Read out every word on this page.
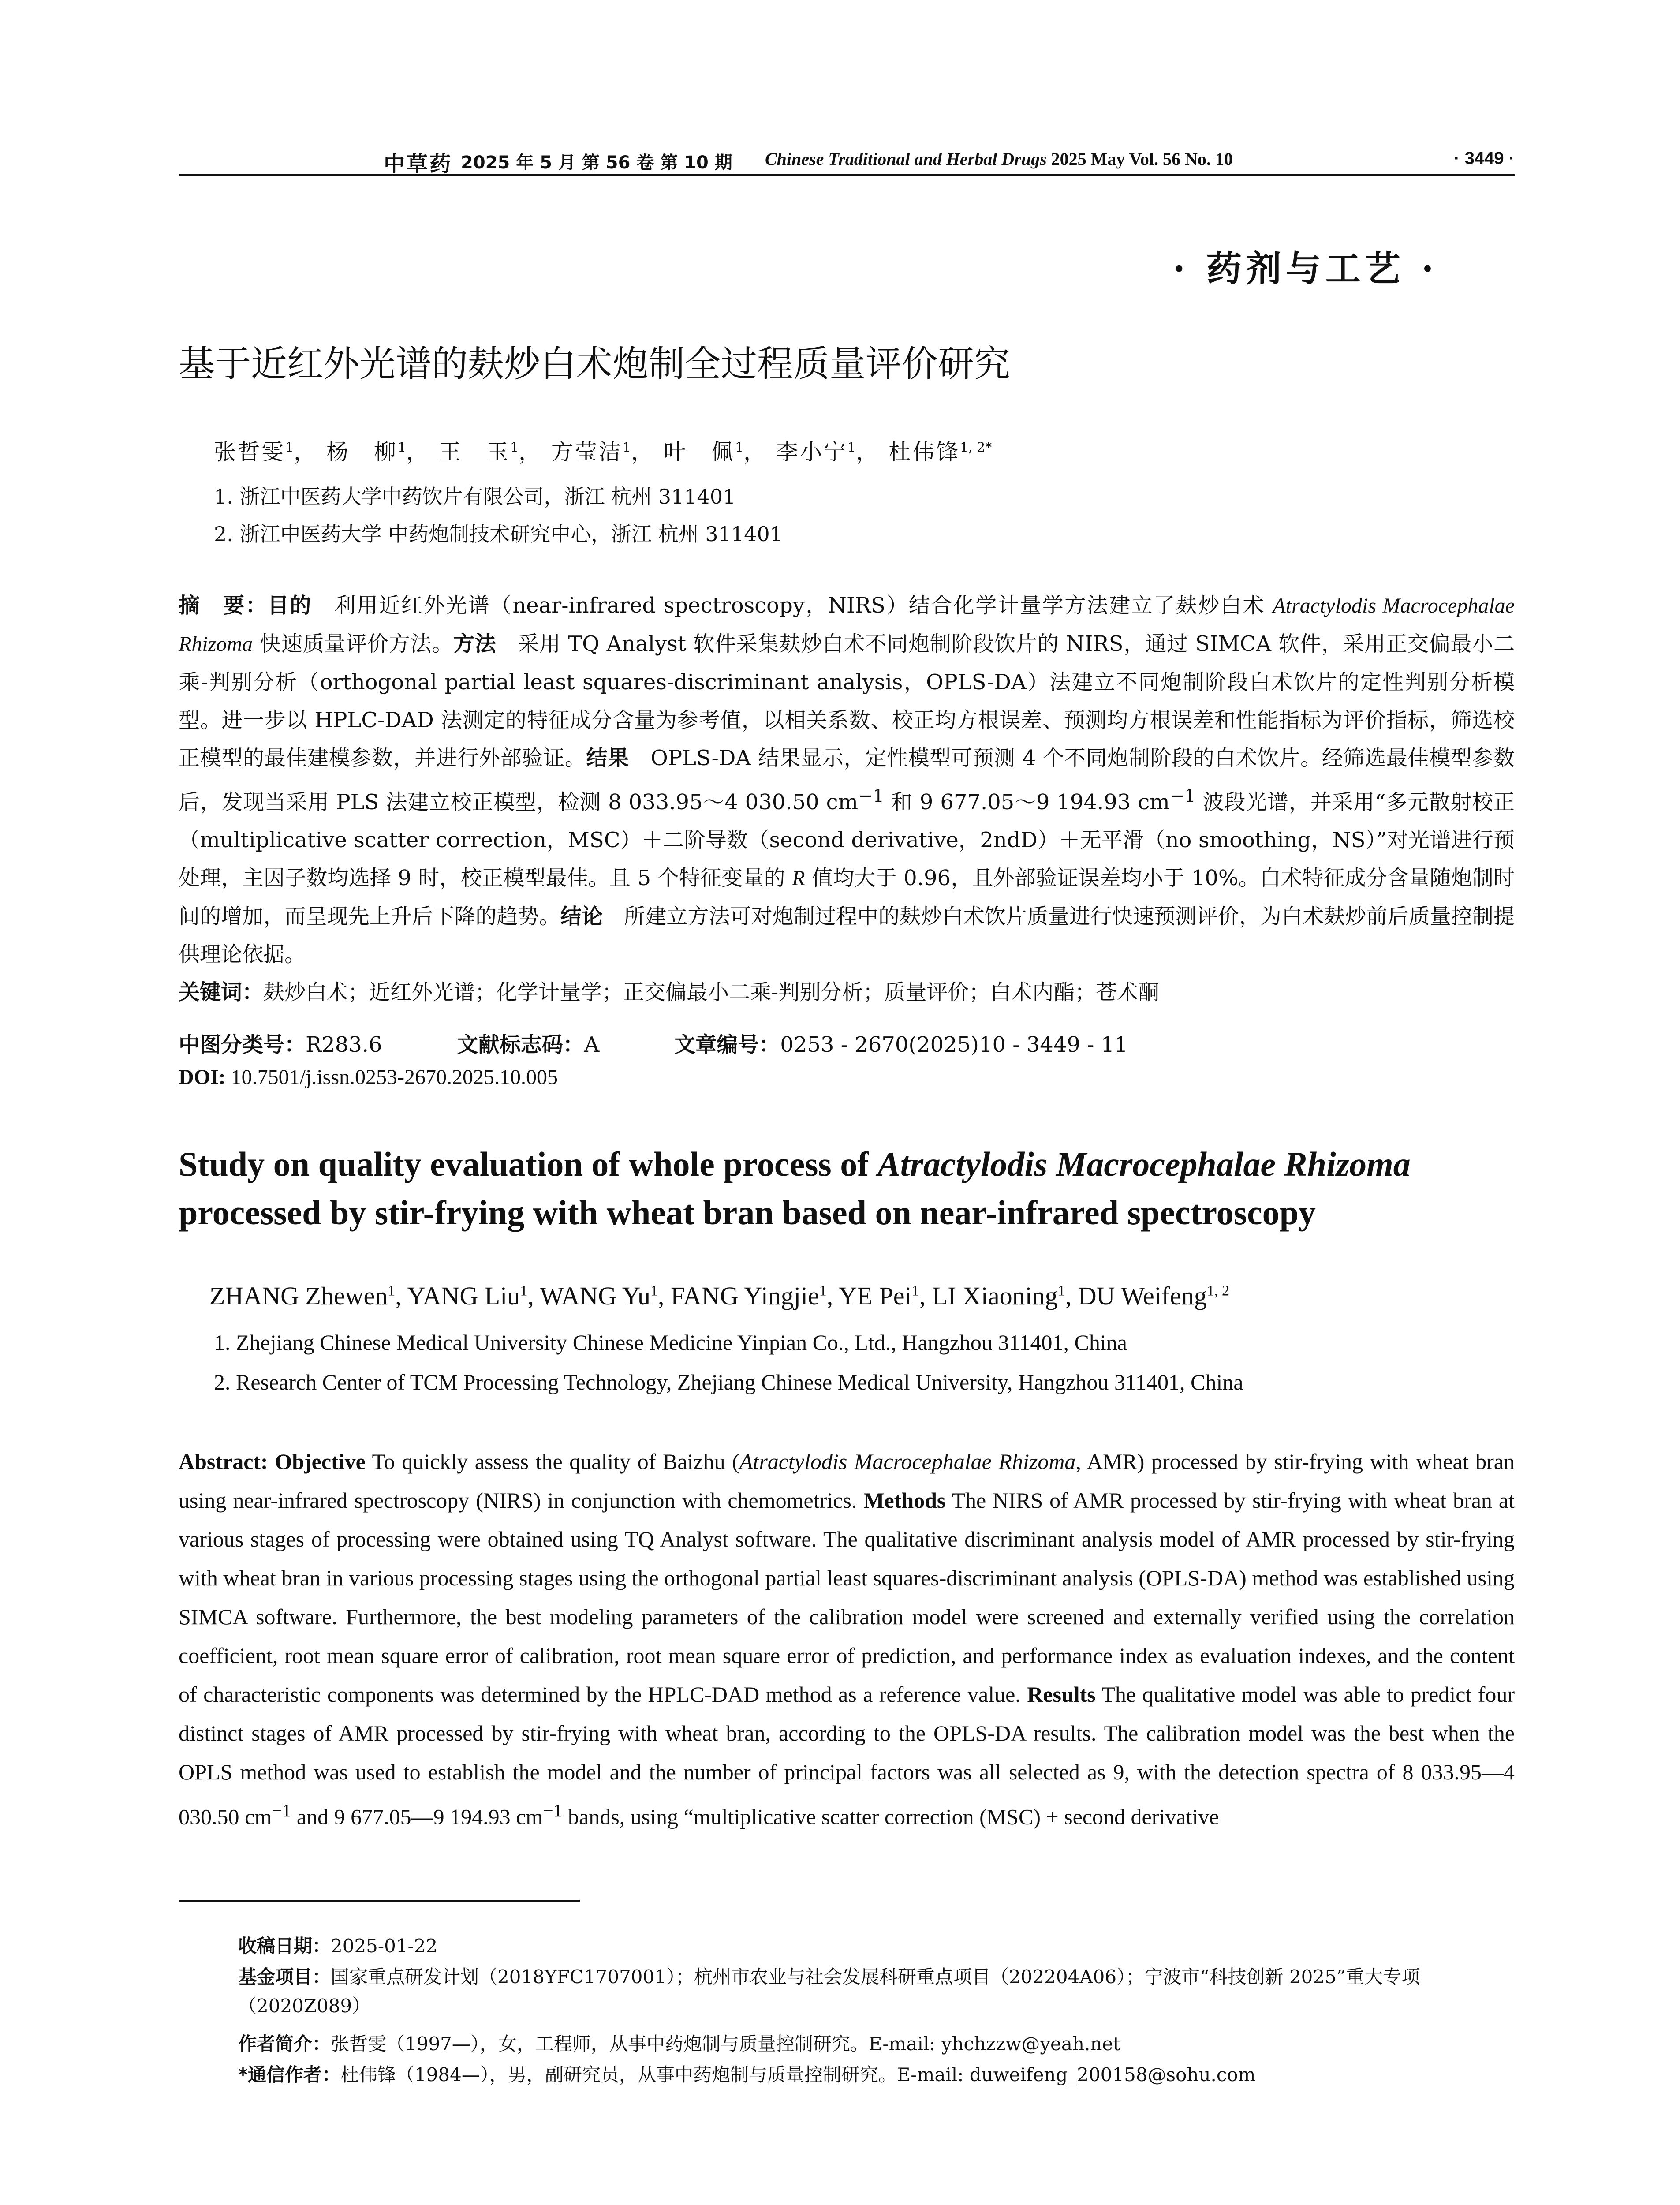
中草药 2025 年 5 月 第 56 卷 第 10 期 Chinese Traditional and Herbal Drugs 2025 May Vol. 56 No. 10	· 3449 ·
· 药剂与工艺 ·
基于近红外光谱的麸炒白术炮制全过程质量评价研究
张哲雯$^1$， 杨　柳$^1$， 王　玉$^1$， 方莹洁$^1$， 叶　佩$^1$， 李小宁$^1$， 杜伟锋$^{1, 2*}$
1. 浙江中医药大学中药饮片有限公司，浙江 杭州 311401
2. 浙江中医药大学 中药炮制技术研究中心，浙江 杭州 311401
摘　要：目的　利用近红外光谱（near-infrared spectroscopy，NIRS）结合化学计量学方法建立了麸炒白术 Atractylodis Macrocephalae Rhizoma 快速质量评价方法。方法　采用 TQ Analyst 软件采集麸炒白术不同炮制阶段饮片的 NIRS，通过 SIMCA 软件，采用正交偏最小二乘-判别分析（orthogonal partial least squares-discriminant analysis，OPLS-DA）法建立不同炮制阶段白术饮片的定性判别分析模型。进一步以 HPLC-DAD 法测定的特征成分含量为参考值，以相关系数、校正均方根误差、预测均方根误差和性能指标为评价指标，筛选校正模型的最佳建模参数，并进行外部验证。结果　OPLS-DA 结果显示，定性模型可预测 4 个不同炮制阶段的白术饮片。经筛选最佳模型参数后，发现当采用 PLS 法建立校正模型，检测 8 033.95～4 030.50 $cm^{-1}$ 和 9 677.05～9 194.93 $cm^{-1}$ 波段光谱，并采用“多元散射校正（multiplicative scatter correction，MSC）＋二阶导数（second derivative，2ndD）＋无平滑（no smoothing，NS）”对光谱进行预处理，主因子数均选择 9 时，校正模型最佳。且 5 个特征变量的 R 值均大于 0.96，且外部验证误差均小于 10%。白术特征成分含量随炮制时间的增加，而呈现先上升后下降的趋势。结论　所建立方法可对炮制过程中的麸炒白术饮片质量进行快速预测评价，为白术麸炒前后质量控制提供理论依据。
关键词：麸炒白术；近红外光谱；化学计量学；正交偏最小二乘-判别分析；质量评价；白术内酯；苍术酮
中图分类号：R283.6	文献标志码：A	文章编号：0253 - 2670(2025)10 - 3449 - 11
DOI: 10.7501/j.issn.0253-2670.2025.10.005
Study on quality evaluation of whole process of Atractylodis Macrocephalae Rhizoma
processed by stir-frying with wheat bran based on near-infrared spectroscopy
ZHANG Zhewen$^1$, YANG Liu$^1$, WANG Yu$^1$, FANG Yingjie$^1$, YE Pei$^1$, LI Xiaoning$^1$, DU Weifeng$^{1, 2}$
1. Zhejiang Chinese Medical University Chinese Medicine Yinpian Co., Ltd., Hangzhou 311401, China
2. Research Center of TCM Processing Technology, Zhejiang Chinese Medical University, Hangzhou 311401, China
Abstract: Objective To quickly assess the quality of Baizhu (Atractylodis Macrocephalae Rhizoma, AMR) processed by stir-frying with wheat bran using near-infrared spectroscopy (NIRS) in conjunction with chemometrics. Methods The NIRS of AMR processed by stir-frying with wheat bran at various stages of processing were obtained using TQ Analyst software. The qualitative discriminant analysis model of AMR processed by stir-frying with wheat bran in various processing stages using the orthogonal partial least squares-discriminant analysis (OPLS-DA) method was established using SIMCA software. Furthermore, the best modeling parameters of the calibration model were screened and externally verified using the correlation coefficient, root mean square error of calibration, root mean square error of prediction, and performance index as evaluation indexes, and the content of characteristic components was determined by the HPLC-DAD method as a reference value. Results The qualitative model was able to predict four distinct stages of AMR processed by stir-frying with wheat bran, according to the OPLS-DA results. The calibration model was the best when the OPLS method was used to establish the model and the number of principal factors was all selected as 9, with the detection spectra of 8 033.95—4 030.50 $cm^{-1}$ and 9 677.05—9 194.93 $cm^{-1}$ bands, using “multiplicative scatter correction (MSC) + second derivative
收稿日期：2025-01-22
基金项目：国家重点研发计划（2018YFC1707001）；杭州市农业与社会发展科研重点项目（202204A06）；宁波市“科技创新 2025”重大专项（2020Z089）
作者简介：张哲雯（1997—），女，工程师，从事中药炮制与质量控制研究。E-mail: yhchzzw@yeah.net
*通信作者：杜伟锋（1984—），男，副研究员，从事中药炮制与质量控制研究。E-mail: duweifeng_200158@sohu.com
